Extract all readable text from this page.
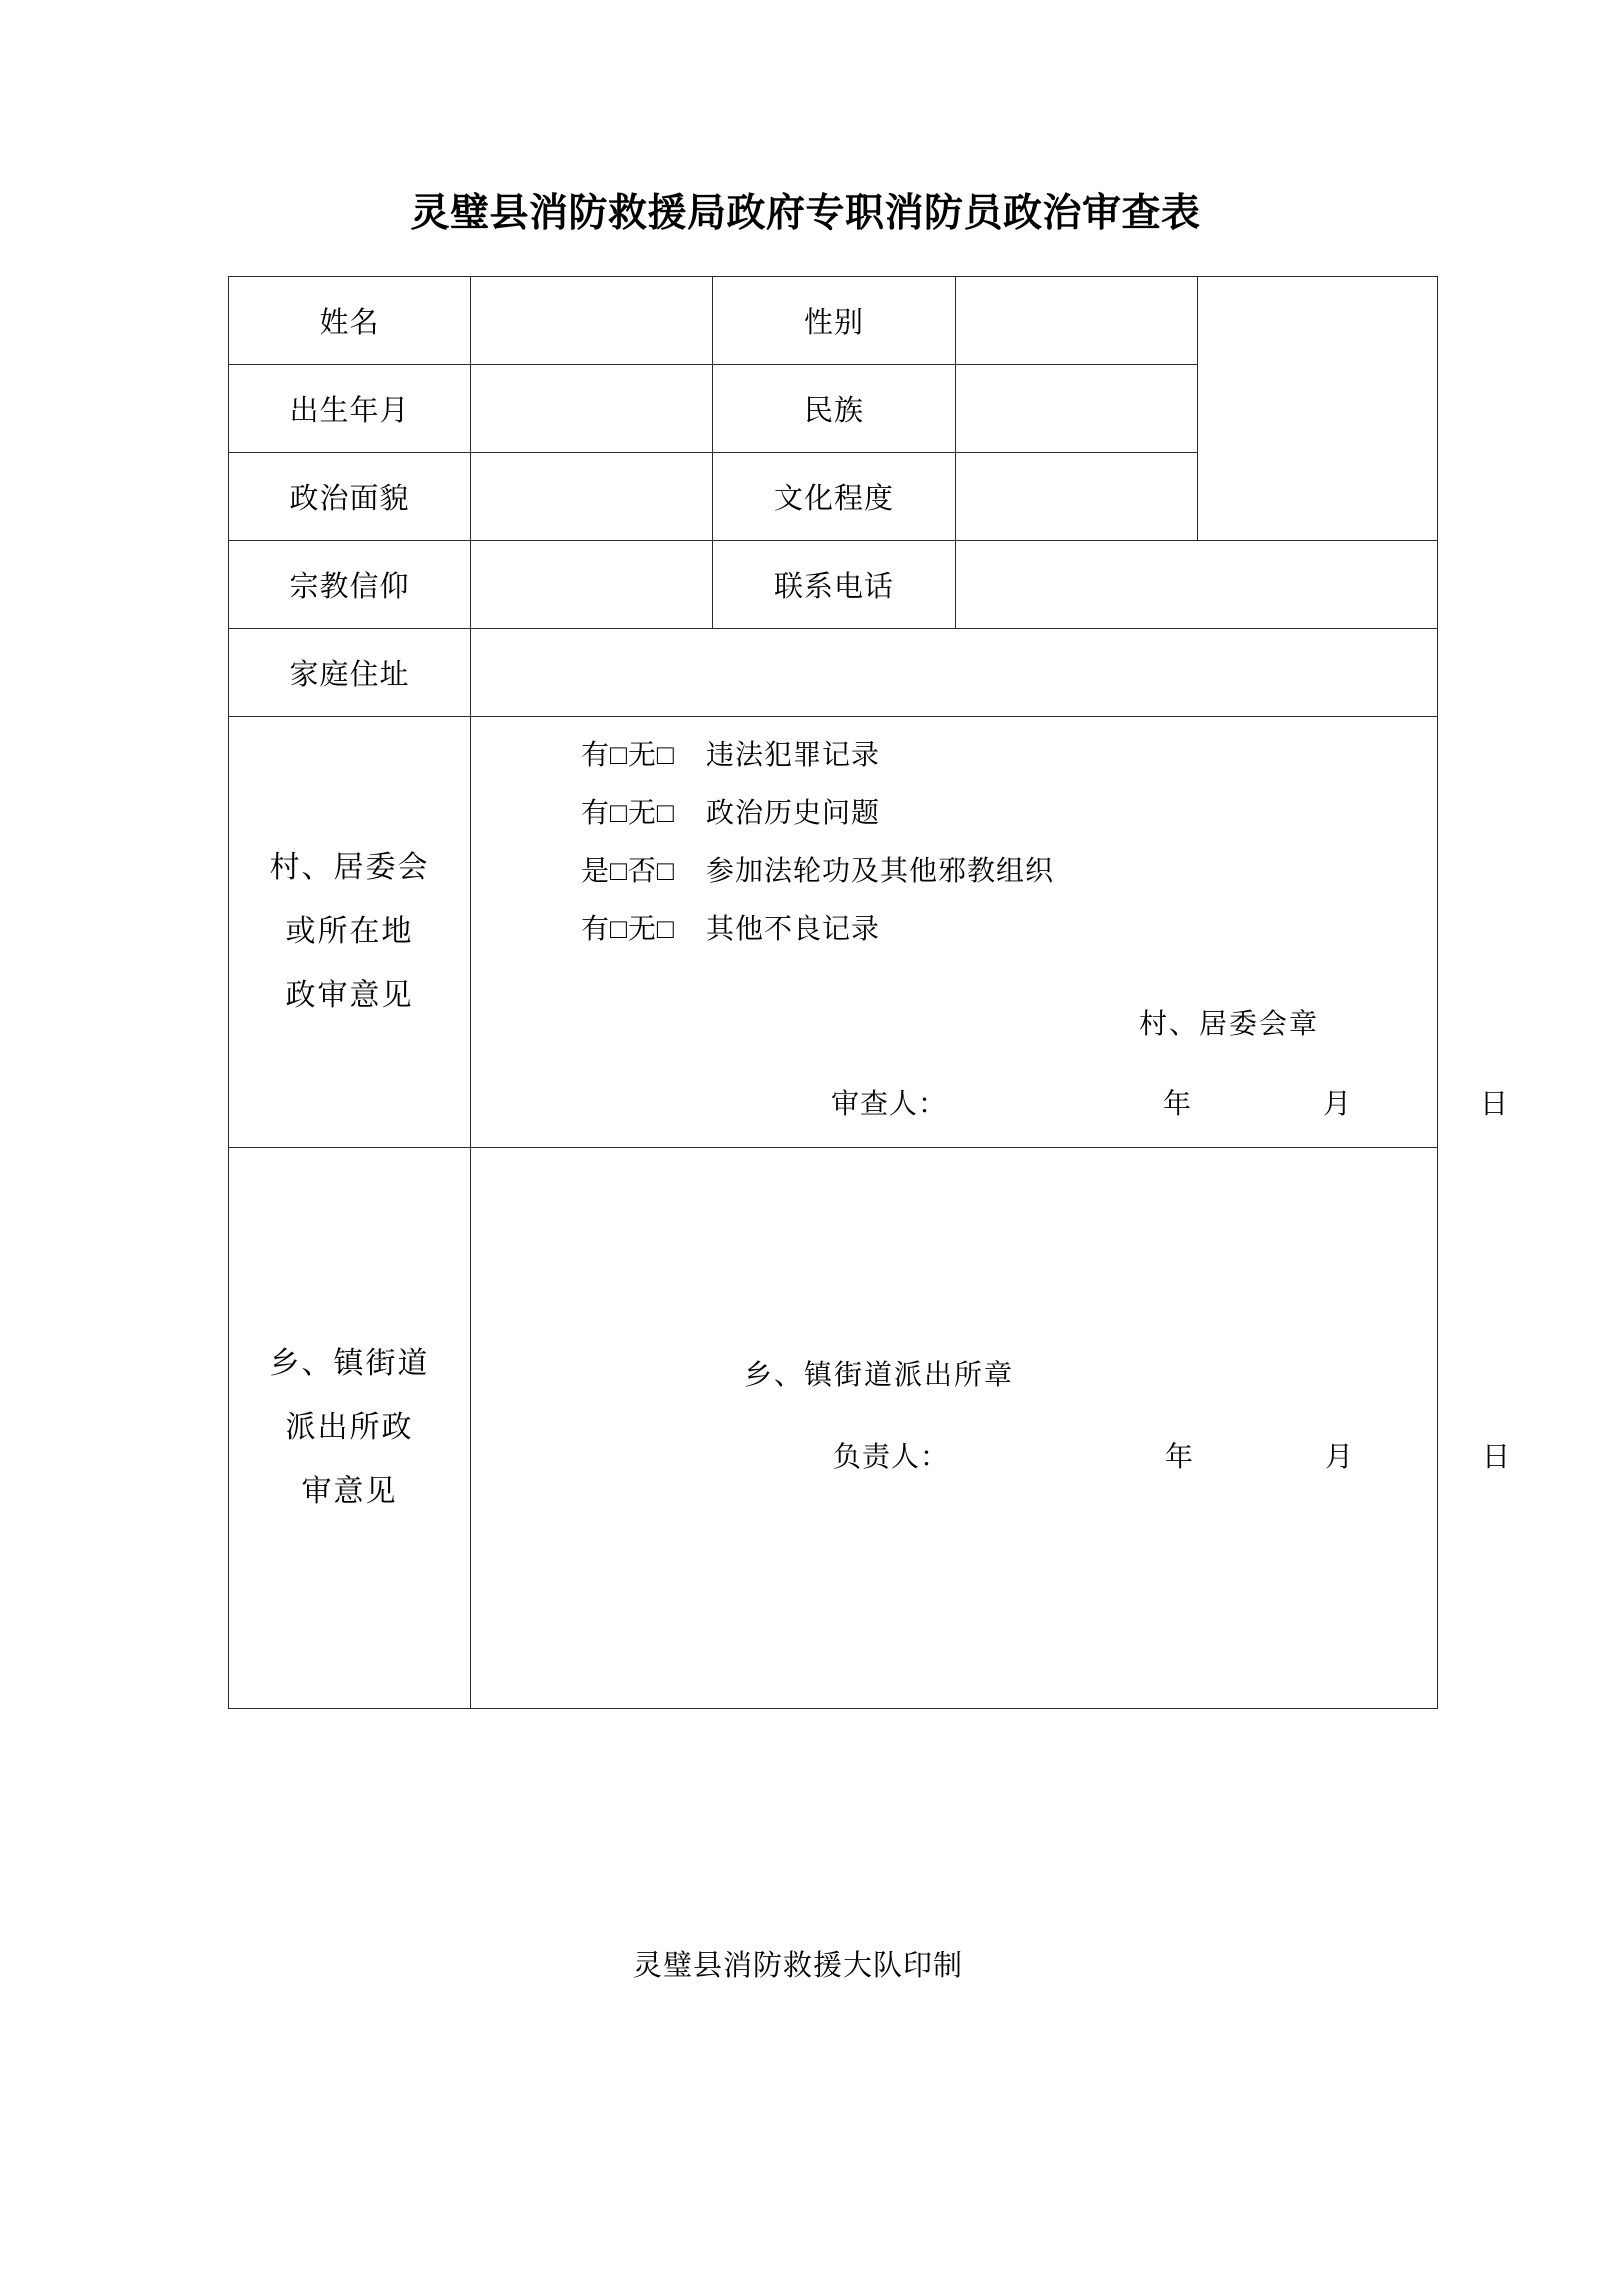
灵璧县消防救援局政府专职消防员政治审查表
姓名		性别		
出生年月		民族		
政治面貌		文化程度		
宗教信仰		联系电话		
家庭住址				

村、居委会
或所在地
政审意见

有□无□	违法犯罪记录
有□无□	政治历史问题
是□否□	参加法轮功及其他邪教组织
有□无□	其他不良记录
村、居委会章
审查人：	年	月	日

乡、镇街道
派出所政
审意见

乡、镇街道派出所章
负责人：	年	月	日
灵璧县消防救援大队印制
